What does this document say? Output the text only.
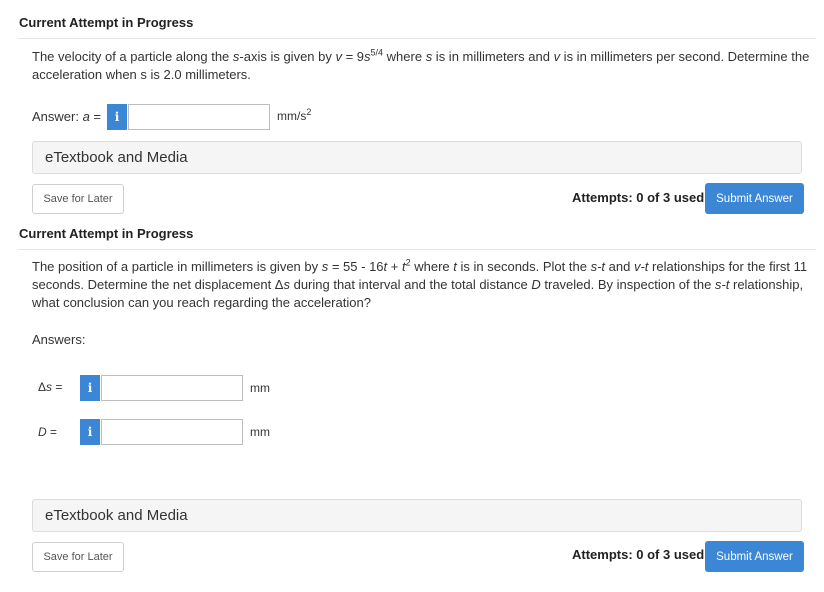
Current Attempt in Progress
The velocity of a particle along the s-axis is given by $v = 9s^{5/4}$ where s is in millimeters and v is in millimeters per second. Determine the acceleration when s is 2.0 millimeters.
Answer: a =	i	$mm/s^2$
eTextbook and Media
Save for Later	Attempts: 0 of 3 used	Submit Answer
Current Attempt in Progress
The position of a particle in millimeters is given by $s = 55 - 16t + t^2$ where t is in seconds. Plot the s-t and v-t relationships for the first 11 seconds. Determine the net displacement Δs during that interval and the total distance D traveled. By inspection of the s-t relationship, what conclusion can you reach regarding the acceleration?
Answers:
Δs =	i	mm
D =	i	mm
eTextbook and Media
Save for Later	Attempts: 0 of 3 used	Submit Answer
